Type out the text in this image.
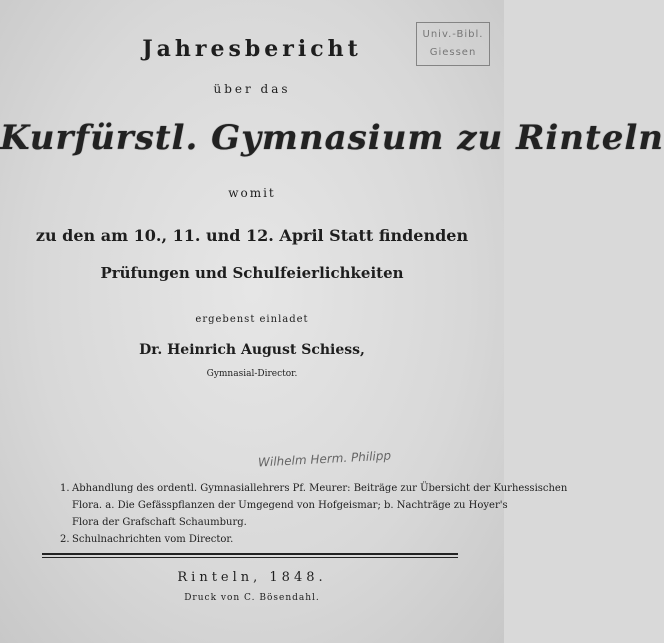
Univ.-Bibl.
Giessen
Jahresbericht
über das
Kurfürstl. Gymnasium zu Rinteln
womit
zu den am 10., 11. und 12. April Statt findenden
Prüfungen und Schulfeierlichkeiten
ergebenst einladet
Dr. Heinrich August Schiess,
Gymnasial-Director.
Wilhelm Herm. Philipp
1. Abhandlung des ordentl. Gymnasiallehrers Pf. Meurer: Beiträge zur Übersicht der Kurhessischen
Flora. a. Die Gefässpflanzen der Umgegend von Hofgeismar; b. Nachträge zu Hoyer's
Flora der Grafschaft Schaumburg.
2. Schulnachrichten vom Director.
Rinteln, 1848.
Druck von C. Bösendahl.
